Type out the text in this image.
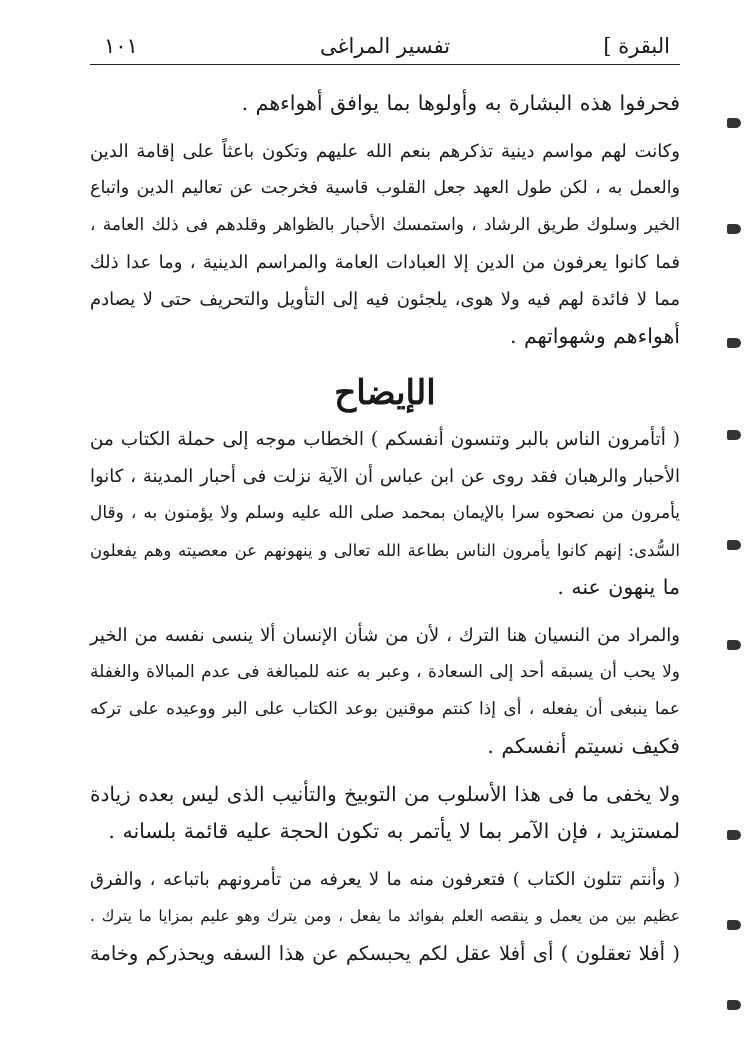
البقرة ]
تفسير المراغى
١٠١
فحرفوا هذه البشارة به وأولوها بما يوافق أهواءهم .
وكانت لهم مواسم دينية تذكرهم بنعم الله عليهم وتكون باعثاً على إقامة الدين
والعمل به ، لكن طول العهد جعل القلوب قاسية فخرجت عن تعاليم الدين واتباع
الخير وسلوك طريق الرشاد ، واستمسك الأحبار بالظواهر وقلدهم فى ذلك العامة ،
فما كانوا يعرفون من الدين إلا العبادات العامة والمراسم الدينية ، وما عدا ذلك
مما لا فائدة لهم فيه ولا هوى، يلجئون فيه إلى التأويل والتحريف حتى لا يصادم
أهواءهم وشهواتهم .
الإيضاح
( أتأمرون الناس بالبر وتنسون أنفسكم ) الخطاب موجه إلى حملة الكتاب من
الأحبار والرهبان فقد روى عن ابن عباس أن الآية نزلت فى أحبار المدينة ، كانوا
يأمرون من نصحوه سرا بالإيمان بمحمد صلى الله عليه وسلم ولا يؤمنون به ، وقال
السُّدى: إنهم كانوا يأمرون الناس بطاعة الله تعالى و ينهونهم عن معصيته وهم يفعلون
ما ينهون عنه .
والمراد من النسيان هنا الترك ، لأن من شأن الإنسان ألا ينسى نفسه من الخير
ولا يحب أن يسبقه أحد إلى السعادة ، وعبر به عنه للمبالغة فى عدم المبالاة والغفلة
عما ينبغى أن يفعله ، أى إذا كنتم موقنين بوعد الكتاب على البر ووعيده على تركه
فكيف نسيتم أنفسكم .
ولا يخفى ما فى هذا الأسلوب من التوبيخ والتأنيب الذى ليس بعده زيادة
لمستزيد ، فإن الآمر بما لا يأتمر به تكون الحجة عليه قائمة بلسانه .
( وأنتم تتلون الكتاب ) فتعرفون منه ما لا يعرفه من تأمرونهم باتباعه ، والفرق
عظيم بين من يعمل و ينقصه العلم بفوائد ما يفعل ، ومن يترك وهو عليم بمزايا ما يترك .
( أفلا تعقلون ) أى أفلا عقل لكم يحبسكم عن هذا السفه ويحذركم وخامة
